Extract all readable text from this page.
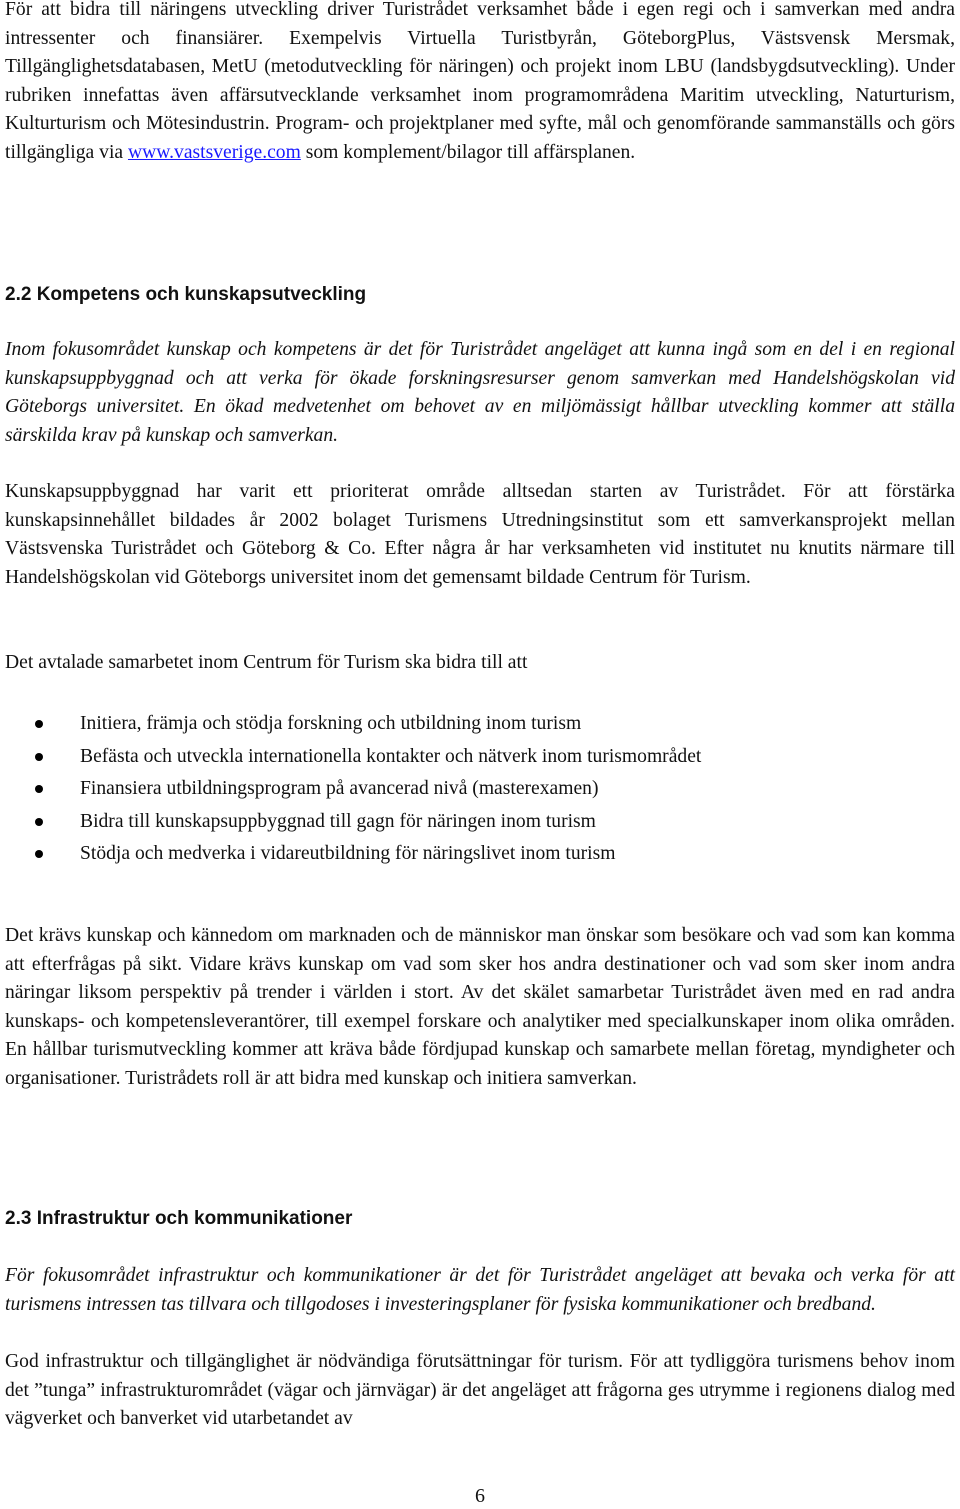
För att bidra till näringens utveckling driver Turistrådet verksamhet både i egen regi och i samverkan med andra intressenter och finansiärer. Exempelvis Virtuella Turistbyrån, GöteborgPlus, Västsvensk Mersmak, Tillgänglighetsdatabasen, MetU (metodutveckling för näringen) och projekt inom LBU (landsbygdsutveckling). Under rubriken innefattas även affärsutvecklande verksamhet inom programområdena Maritim utveckling, Naturturism, Kulturturism och Mötesindustrin. Program- och projektplaner med syfte, mål och genomförande sammanställs och görs tillgängliga via www.vastsverige.com som komplement/bilagor till affärsplanen.

2.2 Kompetens och kunskapsutveckling

Inom fokusområdet kunskap och kompetens är det för Turistrådet angeläget att kunna ingå som en del i en regional kunskapsuppbyggnad och att verka för ökade forskningsresurser genom samverkan med Handelshögskolan vid Göteborgs universitet. En ökad medvetenhet om behovet av en miljömässigt hållbar utveckling kommer att ställa särskilda krav på kunskap och samverkan.

Kunskapsuppbyggnad har varit ett prioriterat område alltsedan starten av Turistrådet. För att förstärka kunskapsinnehållet bildades år 2002 bolaget Turismens Utredningsinstitut som ett samverkansprojekt mellan Västsvenska Turistrådet och Göteborg & Co. Efter några år har verksamheten vid institutet nu knutits närmare till Handelshögskolan vid Göteborgs universitet inom det gemensamt bildade Centrum för Turism.

Det avtalade samarbetet inom Centrum för Turism ska bidra till att

Initiera, främja och stödja forskning och utbildning inom turism
Befästa och utveckla internationella kontakter och nätverk inom turismområdet
Finansiera utbildningsprogram på avancerad nivå (masterexamen)
Bidra till kunskapsuppbyggnad till gagn för näringen inom turism
Stödja och medverka i vidareutbildning för näringslivet inom turism

Det krävs kunskap och kännedom om marknaden och de människor man önskar som besökare och vad som kan komma att efterfrågas på sikt. Vidare krävs kunskap om vad som sker hos andra destinationer och vad som sker inom andra näringar liksom perspektiv på trender i världen i stort. Av det skälet samarbetar Turistrådet även med en rad andra kunskaps- och kompetensleverantörer, till exempel forskare och analytiker med specialkunskaper inom olika områden. En hållbar turismutveckling kommer att kräva både fördjupad kunskap och samarbete mellan företag, myndigheter och organisationer. Turistrådets roll är att bidra med kunskap och initiera samverkan.

2.3 Infrastruktur och kommunikationer

För fokusområdet infrastruktur och kommunikationer är det för Turistrådet angeläget att bevaka och verka för att turismens intressen tas tillvara och tillgodoses i investeringsplaner för fysiska kommunikationer och bredband.

God infrastruktur och tillgänglighet är nödvändiga förutsättningar för turism. För att tydliggöra turismens behov inom det ”tunga” infrastrukturområdet (vägar och järnvägar) är det angeläget att frågorna ges utrymme i regionens dialog med vägverket och banverket vid utarbetandet av

6
